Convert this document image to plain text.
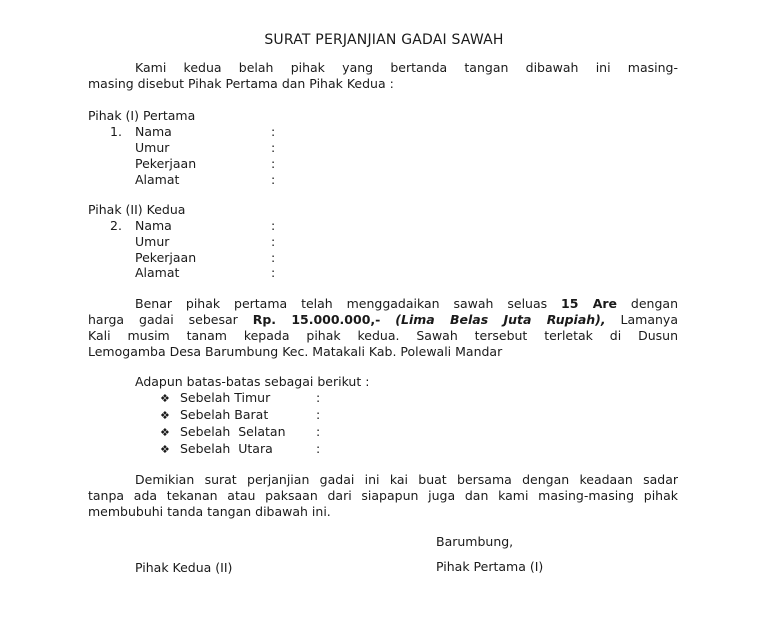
SURAT PERJANJIAN GADAI SAWAH
Kami kedua belah pihak yang bertanda tangan dibawah ini masing-
masing disebut Pihak Pertama dan Pihak Kedua :
Pihak (I) Pertama
1. Nama	:
Umur	:
Pekerjaan	:
Alamat	:
Pihak (II) Kedua
2. Nama	:
Umur	:
Pekerjaan	:
Alamat	:
Benar pihak pertama telah menggadaikan sawah seluas 15 Are dengan
harga gadai sebesar Rp. 15.000.000,- (Lima Belas Juta Rupiah), Lamanya
Kali musim tanam kepada pihak kedua. Sawah tersebut terletak di Dusun
Lemogamba Desa Barumbung Kec. Matakali Kab. Polewali Mandar
Adapun batas-batas sebagai berikut :
❖ Sebelah Timur	:
❖ Sebelah Barat	:
❖ Sebelah  Selatan :
❖ Sebelah  Utara	:
Demikian surat perjanjian gadai ini kai buat bersama dengan keadaan sadar
tanpa ada tekanan atau paksaan dari siapapun juga dan kami masing-masing pihak
membubuhi tanda tangan dibawah ini.
Barumbung,
Pihak Kedua (II)	Pihak Pertama (I)
